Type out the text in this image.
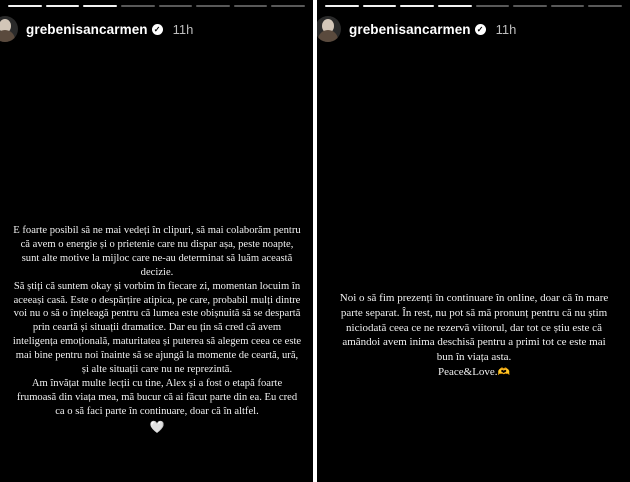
grebenisancarmen ✓ 11h

E foarte posibil să ne mai vedeți în clipuri, să mai colaborăm pentru că avem o energie și o prietenie care nu dispar așa, peste noapte, sunt alte motive la mijloc care ne-au determinat să luăm această decizie.

Să știți că suntem okay și vorbim în fiecare zi, momentan locuim în aceeași casă. Este o despărțire atipica, pe care, probabil mulți dintre voi nu o să o înțeleagă pentru că lumea este obișnuită să se despartă prin ceartă și situații dramatice. Dar eu țin să cred că avem inteligența emoțională, maturitatea și puterea să alegem ceea ce este mai bine pentru noi înainte să se ajungă la momente de ceartă, ură, și alte situații care nu ne reprezintă.

Am învățat multe lecții cu tine, Alex și a fost o etapă foarte frumoasă din viața mea, mă bucur că ai făcut parte din ea. Eu cred ca o să faci parte în continuare, doar că în altfel.

🤍
grebenisancarmen ✓ 11h

Noi o să fim prezenți în continuare în online, doar că în mare parte separat. În rest, nu pot să mă pronunț pentru că nu știm niciodată ceea ce ne rezervă viitorul, dar tot ce știu este că amândoi avem inima deschisă pentru a primi tot ce este mai bun în viața asta.

Peace&Love.🫶
